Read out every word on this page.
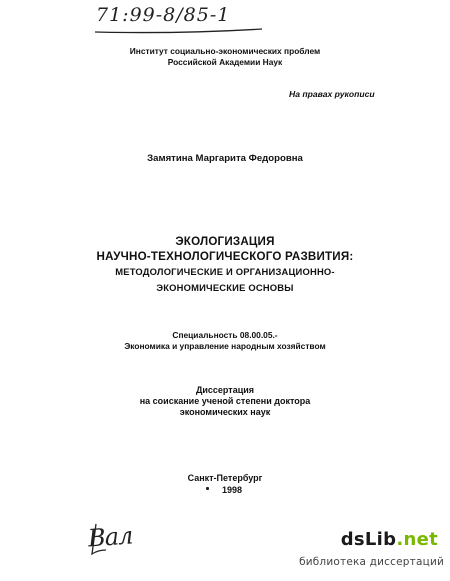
71:99-8/85-1
Институт социально-экономических проблем
Российской Академии Наук
На правах рукописи
Замятина Маргарита Федоровна
ЭКОЛОГИЗАЦИЯ
НАУЧНО-ТЕХНОЛОГИЧЕСКОГО РАЗВИТИЯ:
МЕТОДОЛОГИЧЕСКИЕ И ОРГАНИЗАЦИОННО-
ЭКОНОМИЧЕСКИЕ ОСНОВЫ
Специальность 08.00.05.-
Экономика и управление народным хозяйством
Диссертация
на соискание ученой степени доктора
экономических наук
Санкт-Петербург
1998
Вал	dsLib.net
библиотека диссертаций
